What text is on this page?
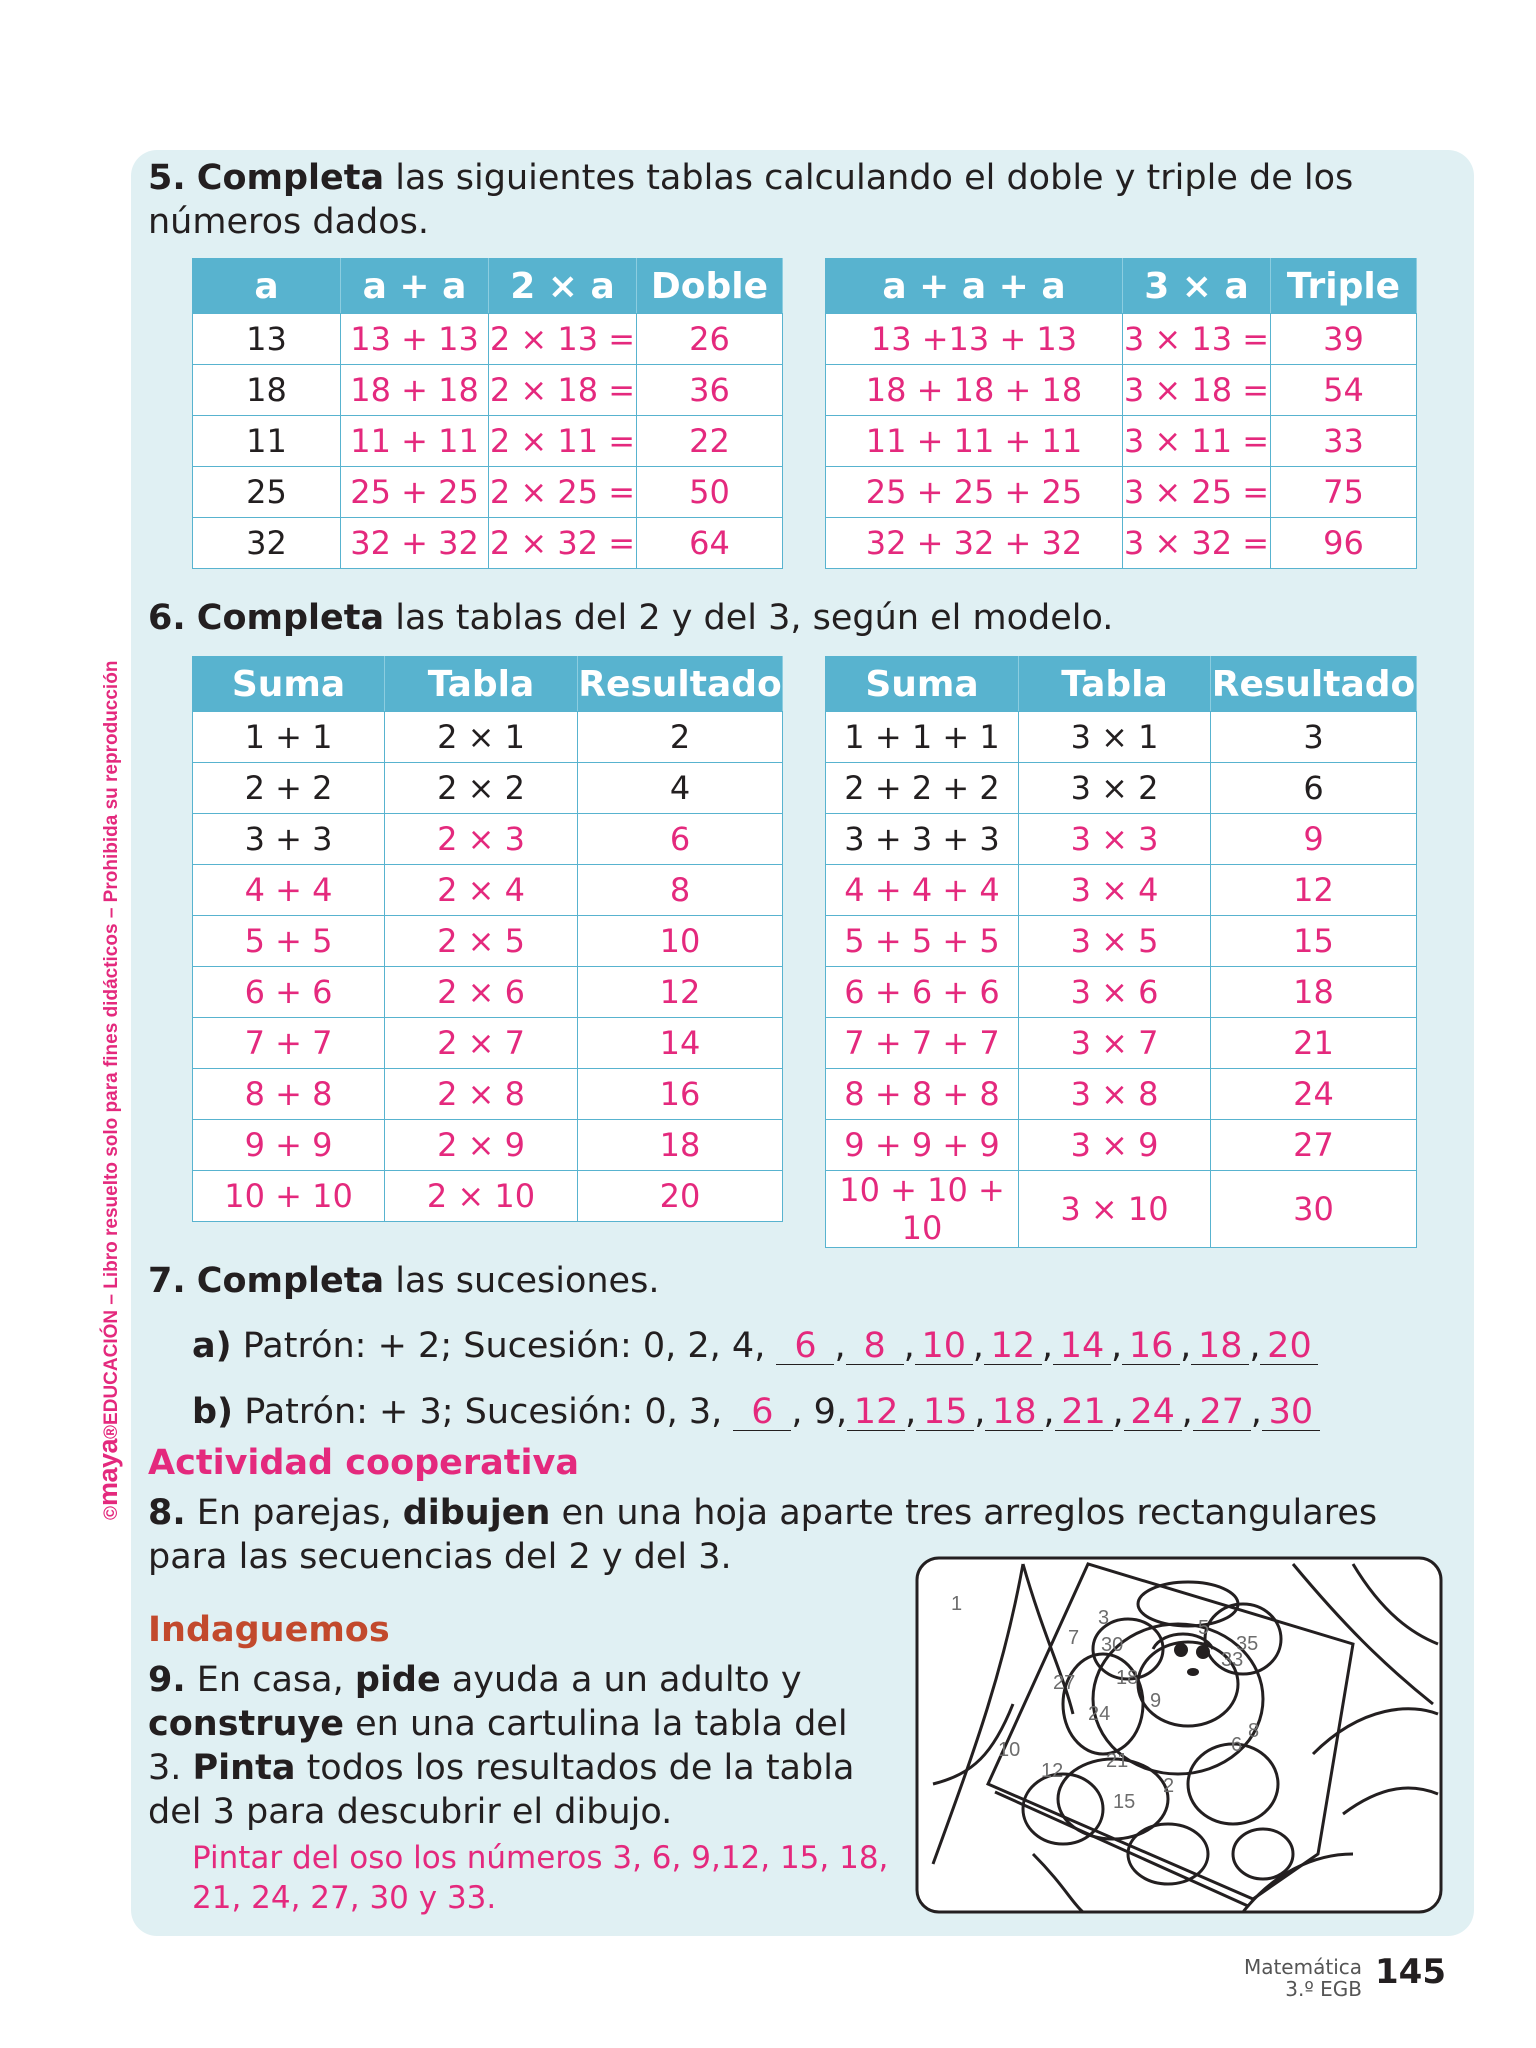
©maya®EDUCACIÓN – Libro resuelto solo para fines didácticos – Prohibida su reproducción
5. Completa las siguientes tablas calculando el doble y triple de los números dados.
a	a + a	2 × a	Doble
13	13 + 13	2 × 13 =	26
18	18 + 18	2 × 18 =	36
11	11 + 11	2 × 11 =	22
25	25 + 25	2 × 25 =	50
32	32 + 32	2 × 32 =	64
a + a + a	3 × a	Triple
13 +13 + 13	3 × 13 =	39
18 + 18 + 18	3 × 18 =	54
11 + 11 + 11	3 × 11 =	33
25 + 25 + 25	3 × 25 =	75
32 + 32 + 32	3 × 32 =	96
6. Completa las tablas del 2 y del 3, según el modelo.
Suma	Tabla	Resultado
1 + 1	2 × 1	2
2 + 2	2 × 2	4
3 + 3	2 × 3	6
4 + 4	2 × 4	8
5 + 5	2 × 5	10
6 + 6	2 × 6	12
7 + 7	2 × 7	14
8 + 8	2 × 8	16
9 + 9	2 × 9	18
10 + 10	2 × 10	20
Suma	Tabla	Resultado
1 + 1 + 1	3 × 1	3
2 + 2 + 2	3 × 2	6
3 + 3 + 3	3 × 3	9
4 + 4 + 4	3 × 4	12
5 + 5 + 5	3 × 5	15
6 + 6 + 6	3 × 6	18
7 + 7 + 7	3 × 7	21
8 + 8 + 8	3 × 8	24
9 + 9 + 9	3 × 9	27
10 + 10 + 10	3 × 10	30
7. Completa las sucesiones.
a) Patrón: + 2; Sucesión: 0, 2, 4, 6 , 8 , 10 , 12 , 14 , 16 , 18 , 20
b) Patrón: + 3; Sucesión: 0, 3, 6 , 9, 12 , 15 , 18 , 21 , 24 , 27 , 30
Actividad cooperativa
8. En parejas, dibujen en una hoja aparte tres arreglos rectangulares para las secuencias del 2 y del 3.
Indaguemos
9. En casa, pide ayuda a un adulto y construye en una cartulina la tabla del 3. Pinta todos los resultados de la tabla del 3 para descubrir el dibujo.
Pintar del oso los números 3, 6, 9,12, 15, 18, 21, 24, 27, 30 y 33.
1
3	5
7 30	35
33
27 18
9
24
8
10	6
21
12
2
15
Matemática
3.º EGB 145
